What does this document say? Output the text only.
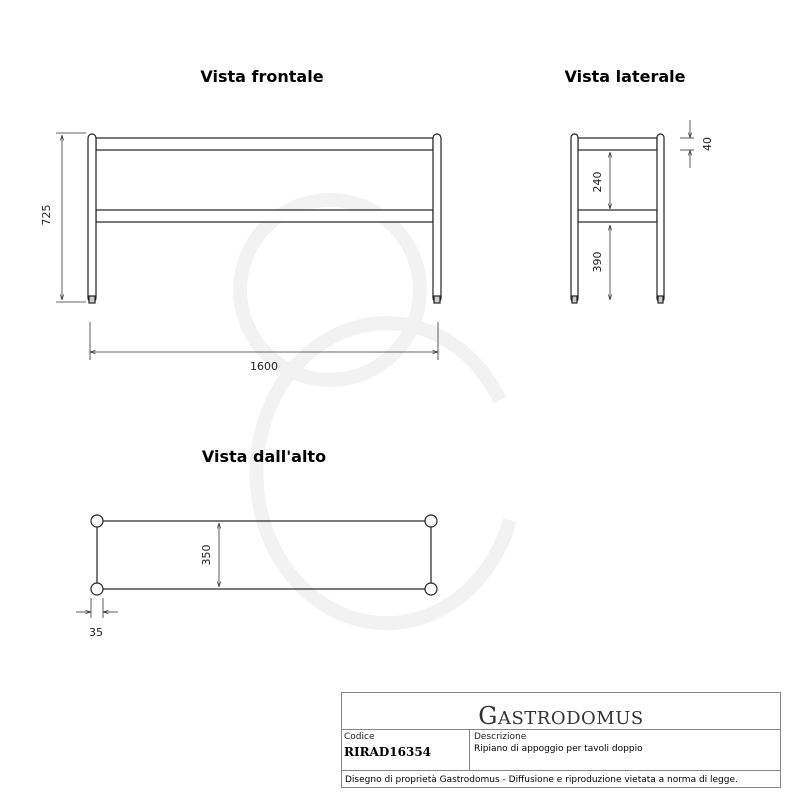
Vista frontale	Vista laterale
Vista dall'alto
725
1600
240
390
40
350
35
GASTRODOMUS
Codice
RIRAD16354
Descrizione
Ripiano di appoggio per tavoli doppio
Disegno di proprietà Gastrodomus - Diffusione e riproduzione vietata a norma di legge.
